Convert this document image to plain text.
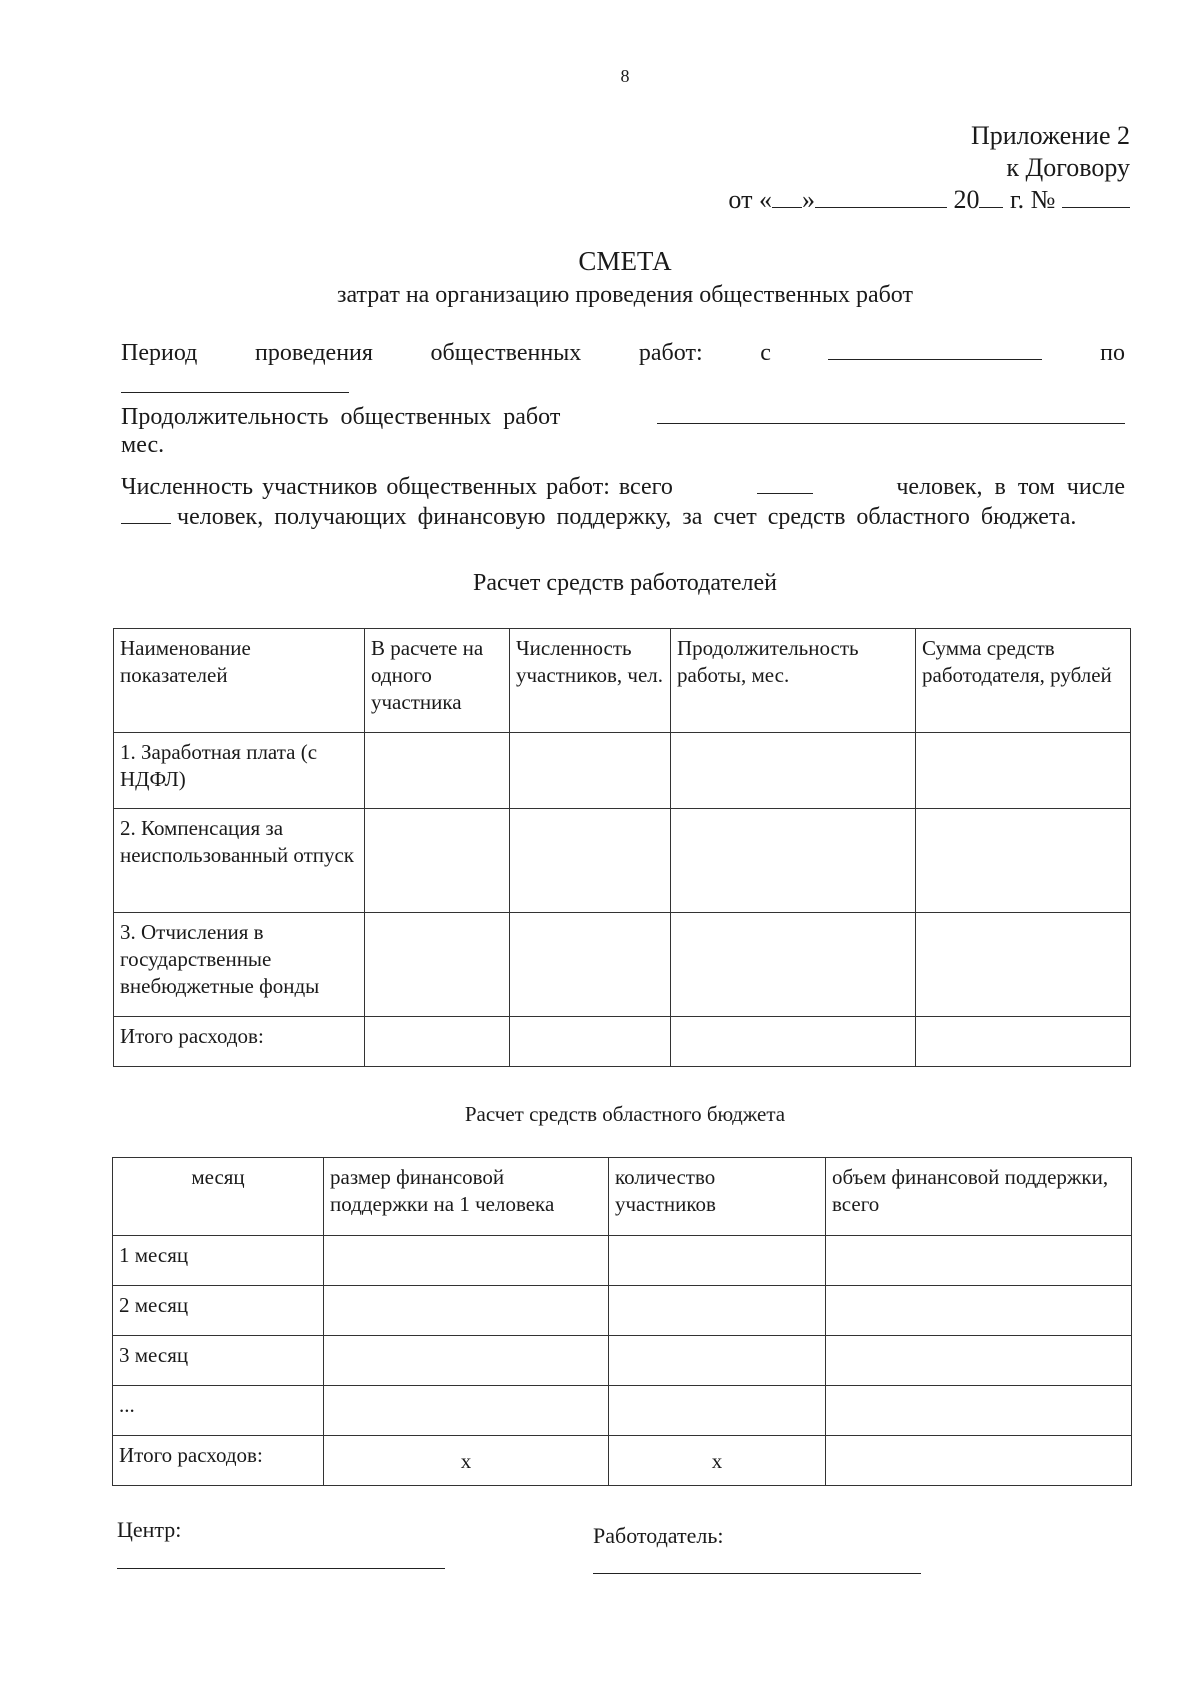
8
Приложение 2
к Договору
от « »	20 г. №
СМЕТА
затрат на организацию проведения общественных работ
Период проведения общественных работ: с	по
Продолжительность общественных работ
мес.
Численность участников общественных работ: всего	человек, в том числе
человек, получающих финансовую поддержку, за счет средств областного бюджета.
Расчет средств работодателей
Наименование показателей	В расчете на одного участника	Численность участников, чел.	Продолжительность работы, мес.	Сумма средств работодателя, рублей
1. Заработная плата (с НДФЛ)				
2. Компенсация за неиспользованный отпуск				
3. Отчисления в государственные внебюджетные фонды				
Итого расходов:				
Расчет средств областного бюджета
месяц	размер финансовой поддержки на 1 человека	количество участников	объем финансовой поддержки, всего
1 месяц			
2 месяц			
3 месяц			
...			
Итого расходов:	x	x	
Центр:	Работодатель:
